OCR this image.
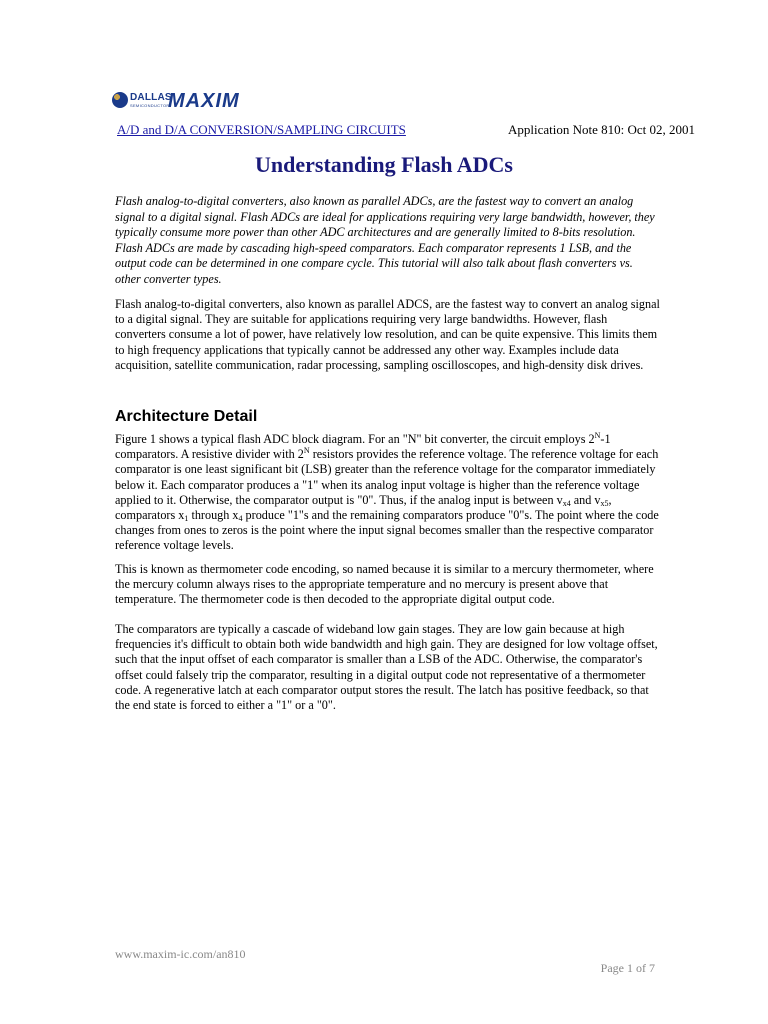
DALLAS
SEMICONDUCTOR
MAXIM
A/D and D/A CONVERSION/SAMPLING CIRCUITS	Application Note 810: Oct 02, 2001
Understanding Flash ADCs

Flash analog-to-digital converters, also known as parallel ADCs, are the fastest way to convert an analog signal to a digital signal. Flash ADCs are ideal for applications requiring very large bandwidth, however, they typically consume more power than other ADC architectures and are generally limited to 8-bits resolution. Flash ADCs are made by cascading high-speed comparators. Each comparator represents 1 LSB, and the output code can be determined in one compare cycle. This tutorial will also talk about flash converters vs. other converter types.

Flash analog-to-digital converters, also known as parallel ADCS, are the fastest way to convert an analog signal to a digital signal. They are suitable for applications requiring very large bandwidths. However, flash converters consume a lot of power, have relatively low resolution, and can be quite expensive. This limits them to high frequency applications that typically cannot be addressed any other way. Examples include data acquisition, satellite communication, radar processing, sampling oscilloscopes, and high-density disk drives.

Architecture Detail

Figure 1 shows a typical flash ADC block diagram. For an "N" bit converter, the circuit employs $2^N-1$ comparators. A resistive divider with $2^N$ resistors provides the reference voltage. The reference voltage for each comparator is one least significant bit (LSB) greater than the reference voltage for the comparator immediately below it. Each comparator produces a "1" when its analog input voltage is higher than the reference voltage applied to it. Otherwise, the comparator output is "0". Thus, if the analog input is between $v_{x4}$ and $v_{x5}$, comparators $x_1$ through $x_4$ produce "1"s and the remaining comparators produce "0"s. The point where the code changes from ones to zeros is the point where the input signal becomes smaller than the respective comparator reference voltage levels.

This is known as thermometer code encoding, so named because it is similar to a mercury thermometer, where the mercury column always rises to the appropriate temperature and no mercury is present above that temperature. The thermometer code is then decoded to the appropriate digital output code.

The comparators are typically a cascade of wideband low gain stages. They are low gain because at high frequencies it's difficult to obtain both wide bandwidth and high gain. They are designed for low voltage offset, such that the input offset of each comparator is smaller than a LSB of the ADC. Otherwise, the comparator's offset could falsely trip the comparator, resulting in a digital output code not representative of a thermometer code. A regenerative latch at each comparator output stores the result. The latch has positive feedback, so that the end state is forced to either a "1" or a "0".

www.maxim-ic.com/an810
Page 1 of 7
